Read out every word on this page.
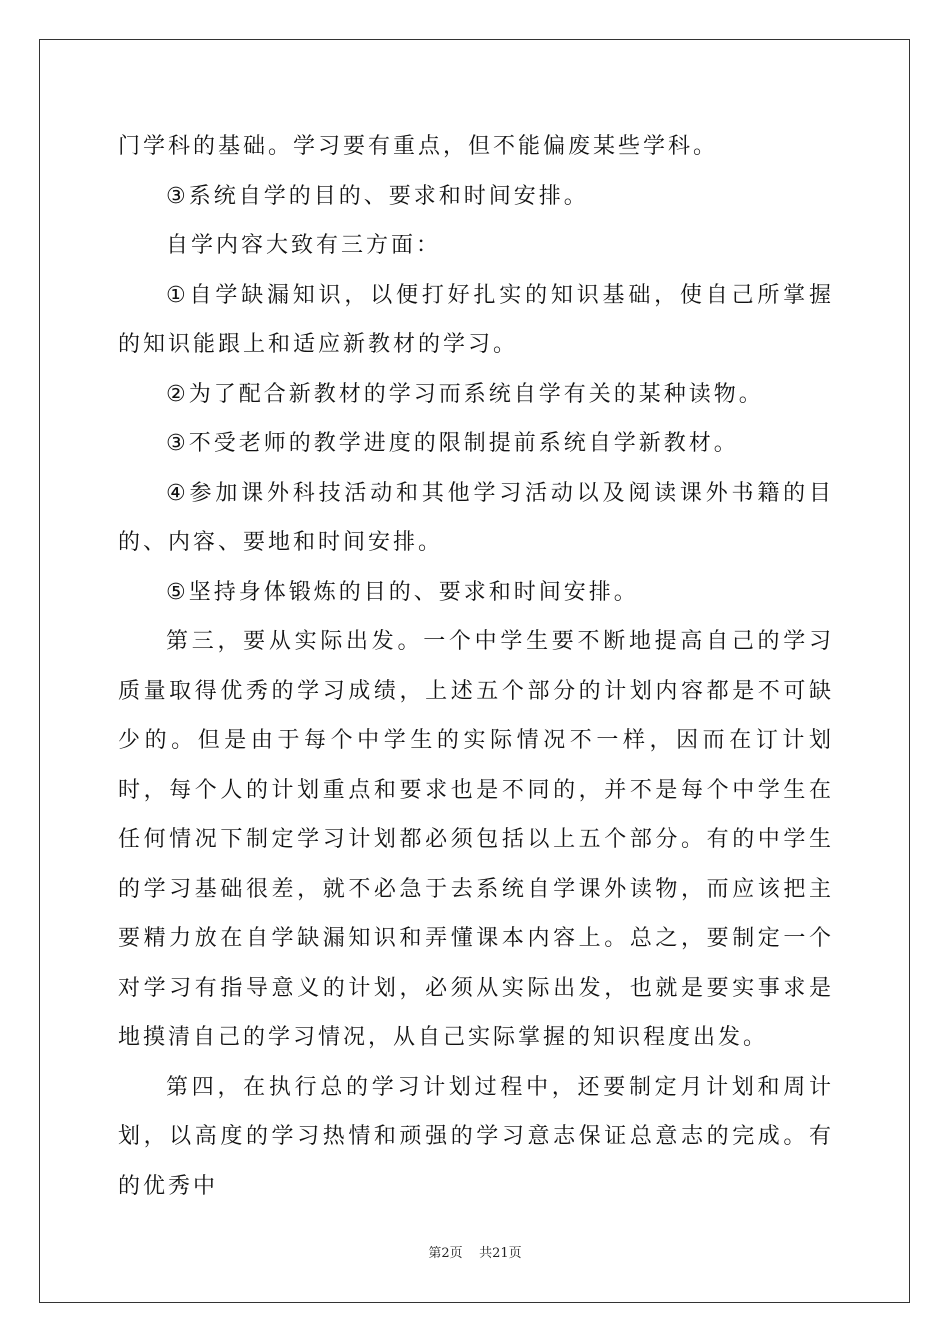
门学科的基础。学习要有重点，但不能偏废某些学科。

③系统自学的目的、要求和时间安排。

自学内容大致有三方面：

①自学缺漏知识，以便打好扎实的知识基础，使自己所掌握的知识能跟上和适应新教材的学习。

②为了配合新教材的学习而系统自学有关的某种读物。

③不受老师的教学进度的限制提前系统自学新教材。

④参加课外科技活动和其他学习活动以及阅读课外书籍的目的、内容、要地和时间安排。

⑤坚持身体锻炼的目的、要求和时间安排。

第三，要从实际出发。一个中学生要不断地提高自己的学习质量取得优秀的学习成绩，上述五个部分的计划内容都是不可缺少的。但是由于每个中学生的实际情况不一样，因而在订计划时，每个人的计划重点和要求也是不同的，并不是每个中学生在任何情况下制定学习计划都必须包括以上五个部分。有的中学生的学习基础很差，就不必急于去系统自学课外读物，而应该把主要精力放在自学缺漏知识和弄懂课本内容上。总之，要制定一个对学习有指导意义的计划，必须从实际出发，也就是要实事求是地摸清自己的学习情况，从自己实际掌握的知识程度出发。

第四，在执行总的学习计划过程中，还要制定月计划和周计划，以高度的学习热情和顽强的学习意志保证总意志的完成。有的优秀中

第2页 共21页
